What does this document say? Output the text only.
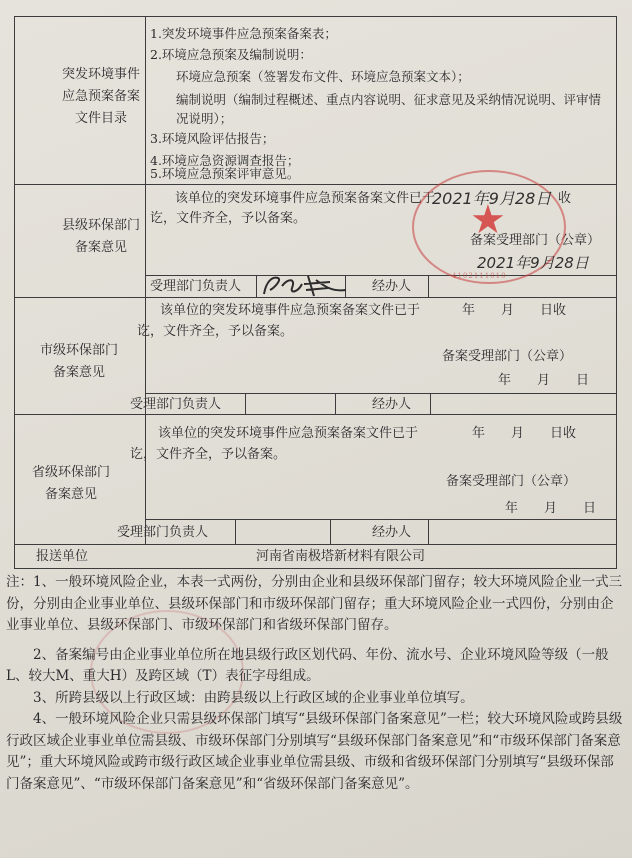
突发环境事件应急预案备案文件目录
1.突发环境事件应急预案备案表；
2.环境应急预案及编制说明：
环境应急预案（签署发布文件、环境应急预案文本）；
编制说明（编制过程概述、重点内容说明、征求意见及采纳情况说明、评审情况说明）；
3.环境风险评估报告；
4.环境应急资源调查报告；
5.环境应急预案评审意见。
县级环保部门备案意见
该单位的突发环境事件应急预案备案文件已于	收
讫，文件齐全，予以备案。
备案受理部门（公章）
★
4102111010
2021年9月28日
2021年9月28日
受理部门负责人	经办人
市级环保部门备案意见
该单位的突发环境事件应急预案备案文件已于	年　　月　　日收
讫，文件齐全，予以备案。
备案受理部门（公章）
年　　月　　日
受理部门负责人	经办人
省级环保部门备案意见
该单位的突发环境事件应急预案备案文件已于	年　　月　　日收
讫，文件齐全，予以备案。
备案受理部门（公章）
年　　月　　日
受理部门负责人	经办人
报送单位	河南省南极塔新材料有限公司

注：1、一般环境风险企业，本表一式两份，分别由企业和县级环保部门留存；较大环境风险企业一式三份，分别由企业事业单位、县级环保部门和市级环保部门留存；重大环境风险企业一式四份，分别由企业事业单位、县级环保部门、市级环保部门和省级环保部门留存。

2、备案编号由企业事业单位所在地县级行政区划代码、年份、流水号、企业环境风险等级（一般L、较大M、重大H）及跨区域（T）表征字母组成。

3、所跨县级以上行政区域：由跨县级以上行政区域的企业事业单位填写。

4、一般环境风险企业只需县级环保部门填写“县级环保部门备案意见”一栏；较大环境风险或跨县级行政区域企业事业单位需县级、市级环保部门分别填写“县级环保部门备案意见”和“市级环保部门备案意见”；重大环境风险或跨市级行政区域企业事业单位需县级、市级和省级环保部门分别填写“县级环保部门备案意见”、“市级环保部门备案意见”和“省级环保部门备案意见”。
